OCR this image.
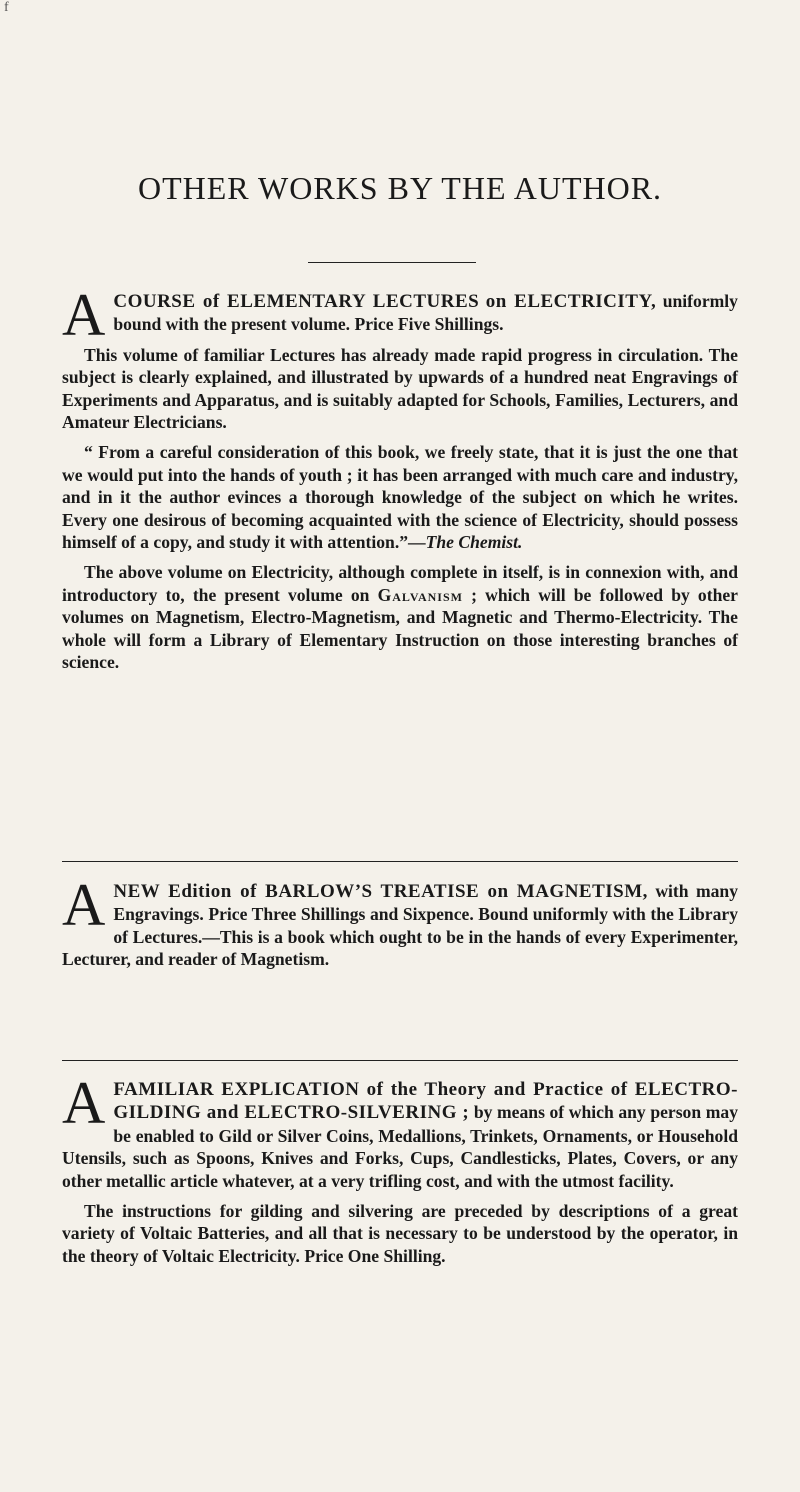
f
OTHER WORKS BY THE AUTHOR.

A COURSE of ELEMENTARY LECTURES on ELECTRICITY, uniformly bound with the present volume. Price Five Shillings.

This volume of familiar Lectures has already made rapid progress in circulation. The subject is clearly explained, and illustrated by upwards of a hundred neat Engravings of Experiments and Apparatus, and is suitably adapted for Schools, Families, Lecturers, and Amateur Electricians.

“ From a careful consideration of this book, we freely state, that it is just the one that we would put into the hands of youth ; it has been arranged with much care and industry, and in it the author evinces a thorough knowledge of the subject on which he writes. Every one desirous of becoming acquainted with the science of Electricity, should possess himself of a copy, and study it with attention.”—The Chemist.

The above volume on Electricity, although complete in itself, is in connexion with, and introductory to, the present volume on Galvanism ; which will be followed by other volumes on Magnetism, Electro-Magnetism, and Magnetic and Thermo-Electricity. The whole will form a Library of Elementary Instruction on those interesting branches of science.

A NEW Edition of BARLOW’S TREATISE on MAGNETISM, with many Engravings. Price Three Shillings and Sixpence. Bound uniformly with the Library of Lectures.—This is a book which ought to be in the hands of every Experimenter, Lecturer, and reader of Magnetism.

A FAMILIAR EXPLICATION of the Theory and Practice of ELECTRO-GILDING and ELECTRO-SILVERING ; by means of which any person may be enabled to Gild or Silver Coins, Medallions, Trinkets, Ornaments, or Household Utensils, such as Spoons, Knives and Forks, Cups, Candlesticks, Plates, Covers, or any other metallic article whatever, at a very trifling cost, and with the utmost facility.

The instructions for gilding and silvering are preceded by descriptions of a great variety of Voltaic Batteries, and all that is necessary to be understood by the operator, in the theory of Voltaic Electricity. Price One Shilling.
